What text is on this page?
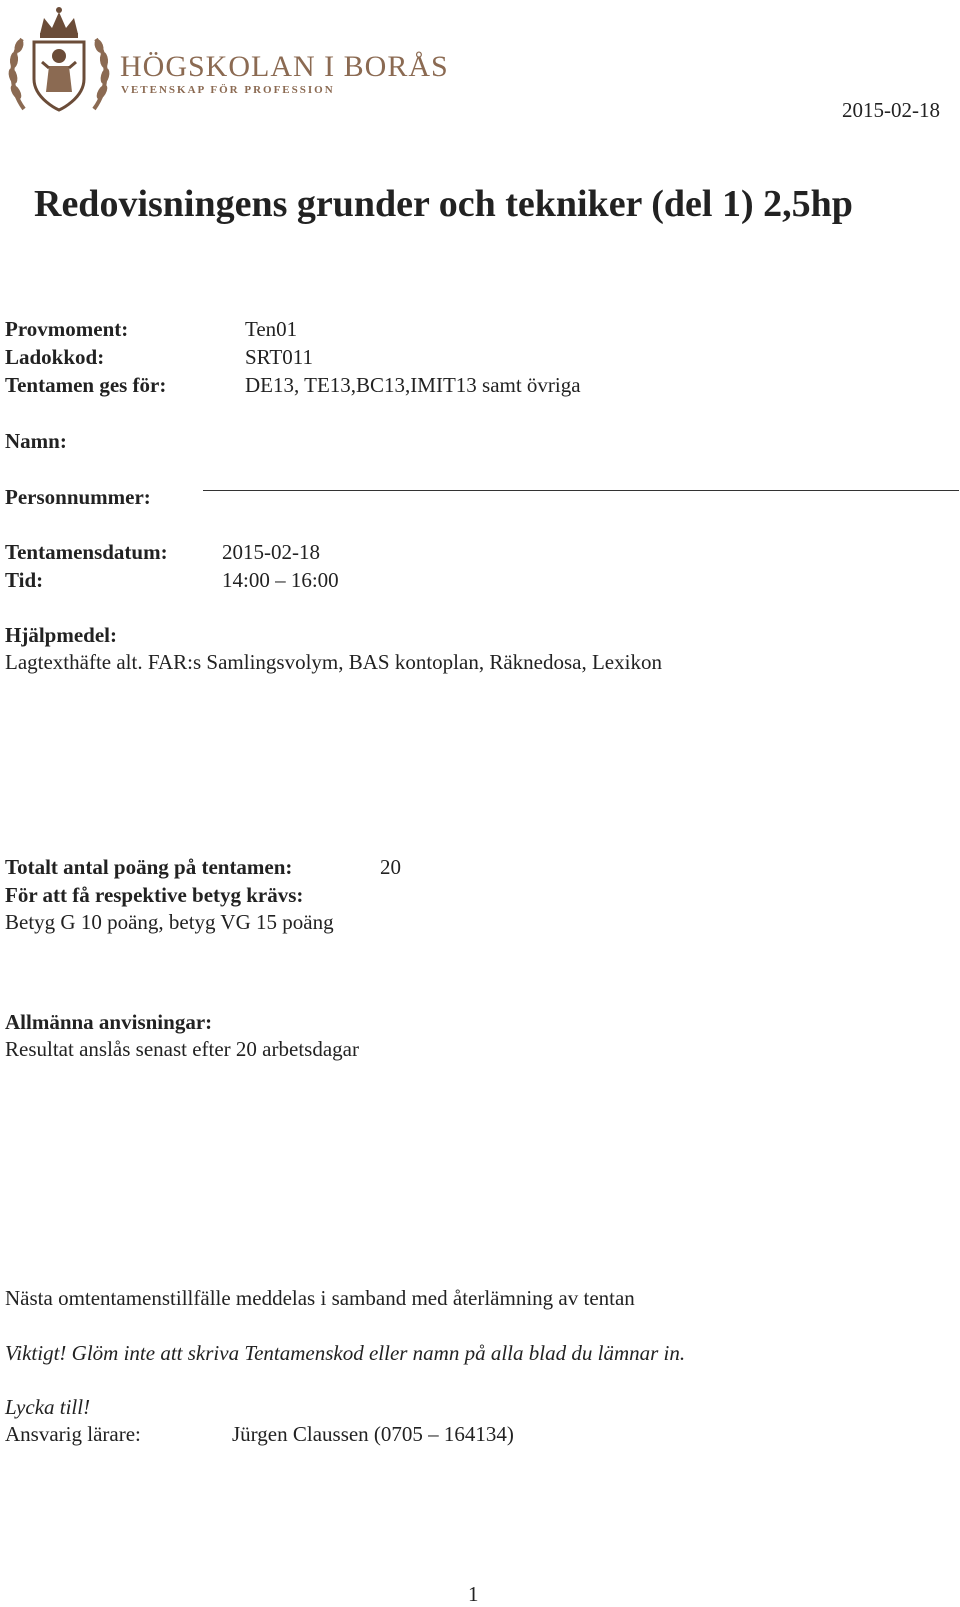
HÖGSKOLAN I BORÅS
VETENSKAP FÖR PROFESSION
2015-02-18
Redovisningens grunder och tekniker (del 1) 2,5hp
Provmoment:	Ten01
Ladokkod:	SRT011
Tentamen ges för:	DE13, TE13,BC13,IMIT13 samt övriga
Namn:
Personnummer:
Tentamensdatum:	2015-02-18
Tid:	14:00 – 16:00
Hjälpmedel:
Lagtexthäfte alt. FAR:s Samlingsvolym, BAS kontoplan, Räknedosa, Lexikon
Totalt antal poäng på tentamen:	20
För att få respektive betyg krävs:
Betyg G 10 poäng, betyg VG 15 poäng
Allmänna anvisningar:
Resultat anslås senast efter 20 arbetsdagar
Nästa omtentamenstillfälle meddelas i samband med återlämning av tentan
Viktigt! Glöm inte att skriva Tentamenskod eller namn på alla blad du lämnar in.
Lycka till!
Ansvarig lärare:	Jürgen Claussen (0705 – 164134)
1
